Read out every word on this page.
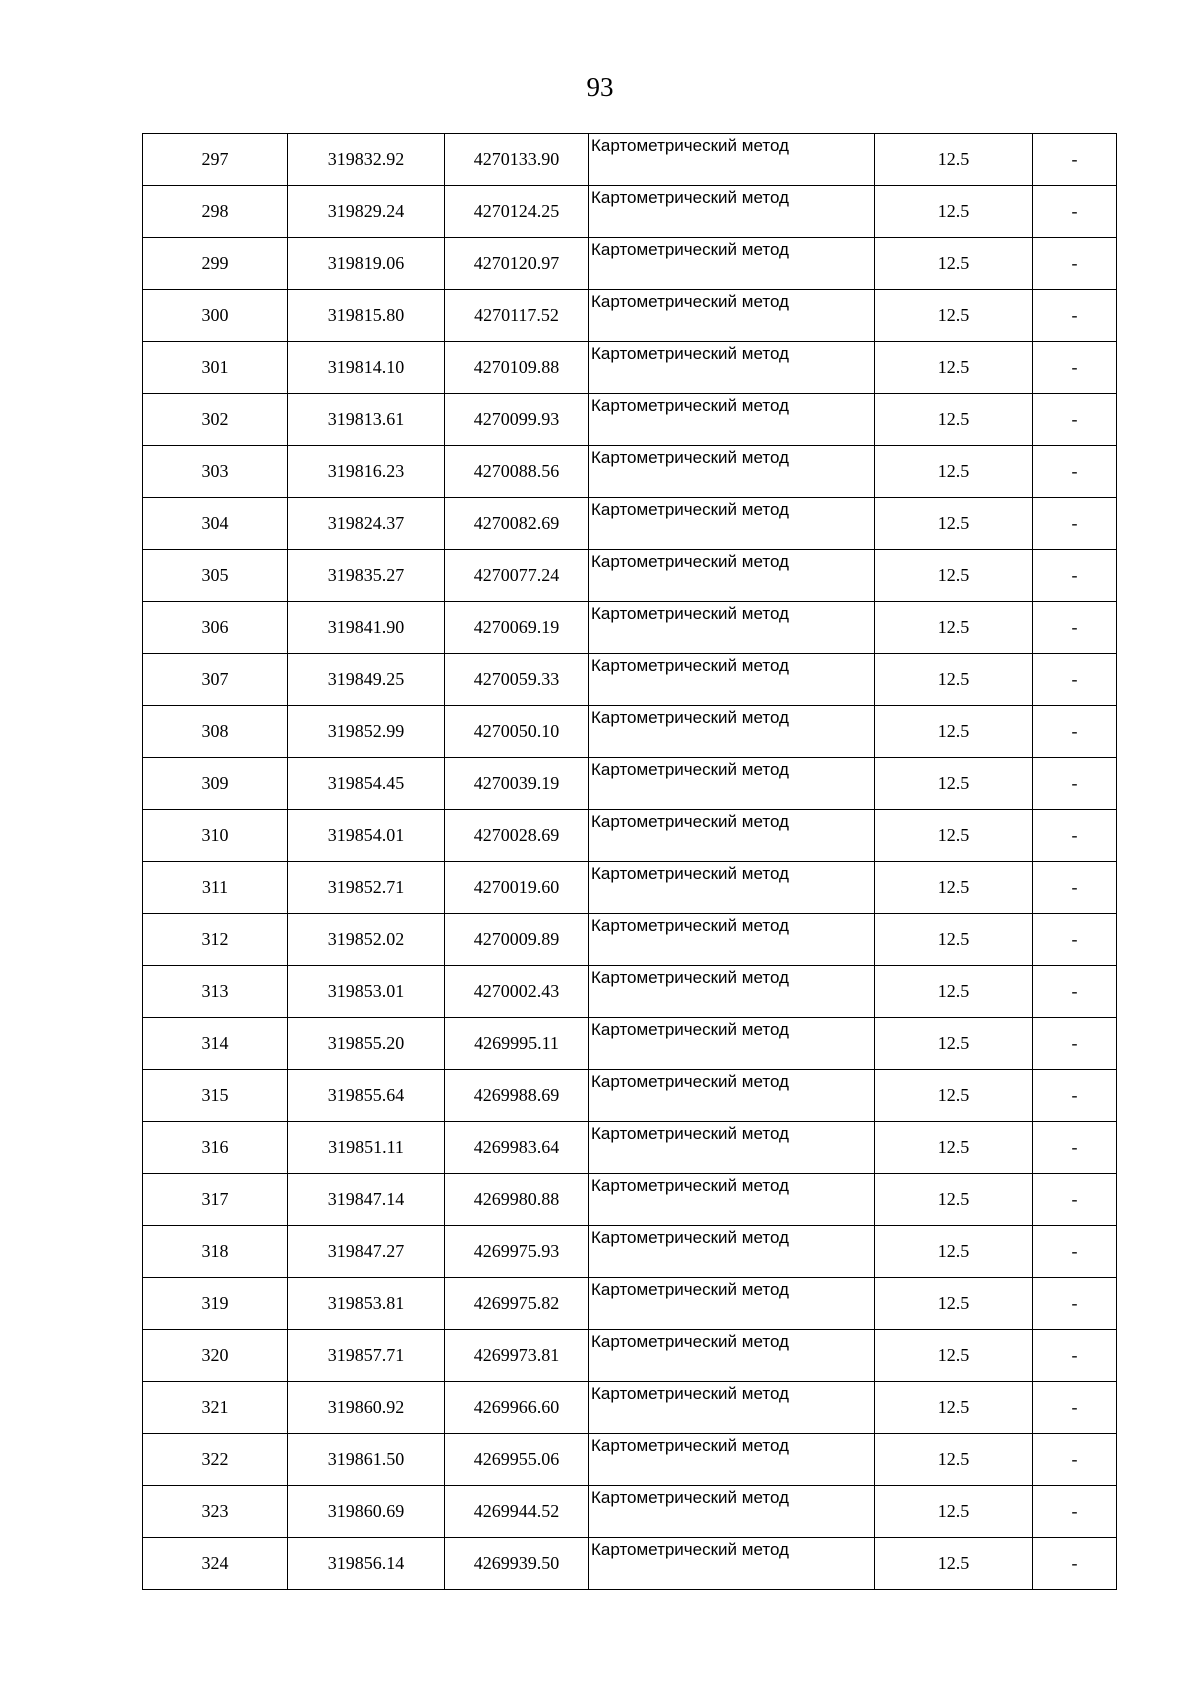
93
297	319832.92	4270133.90	Картометрический метод	12.5	-
298	319829.24	4270124.25	Картометрический метод	12.5	-
299	319819.06	4270120.97	Картометрический метод	12.5	-
300	319815.80	4270117.52	Картометрический метод	12.5	-
301	319814.10	4270109.88	Картометрический метод	12.5	-
302	319813.61	4270099.93	Картометрический метод	12.5	-
303	319816.23	4270088.56	Картометрический метод	12.5	-
304	319824.37	4270082.69	Картометрический метод	12.5	-
305	319835.27	4270077.24	Картометрический метод	12.5	-
306	319841.90	4270069.19	Картометрический метод	12.5	-
307	319849.25	4270059.33	Картометрический метод	12.5	-
308	319852.99	4270050.10	Картометрический метод	12.5	-
309	319854.45	4270039.19	Картометрический метод	12.5	-
310	319854.01	4270028.69	Картометрический метод	12.5	-
311	319852.71	4270019.60	Картометрический метод	12.5	-
312	319852.02	4270009.89	Картометрический метод	12.5	-
313	319853.01	4270002.43	Картометрический метод	12.5	-
314	319855.20	4269995.11	Картометрический метод	12.5	-
315	319855.64	4269988.69	Картометрический метод	12.5	-
316	319851.11	4269983.64	Картометрический метод	12.5	-
317	319847.14	4269980.88	Картометрический метод	12.5	-
318	319847.27	4269975.93	Картометрический метод	12.5	-
319	319853.81	4269975.82	Картометрический метод	12.5	-
320	319857.71	4269973.81	Картометрический метод	12.5	-
321	319860.92	4269966.60	Картометрический метод	12.5	-
322	319861.50	4269955.06	Картометрический метод	12.5	-
323	319860.69	4269944.52	Картометрический метод	12.5	-
324	319856.14	4269939.50	Картометрический метод	12.5	-
